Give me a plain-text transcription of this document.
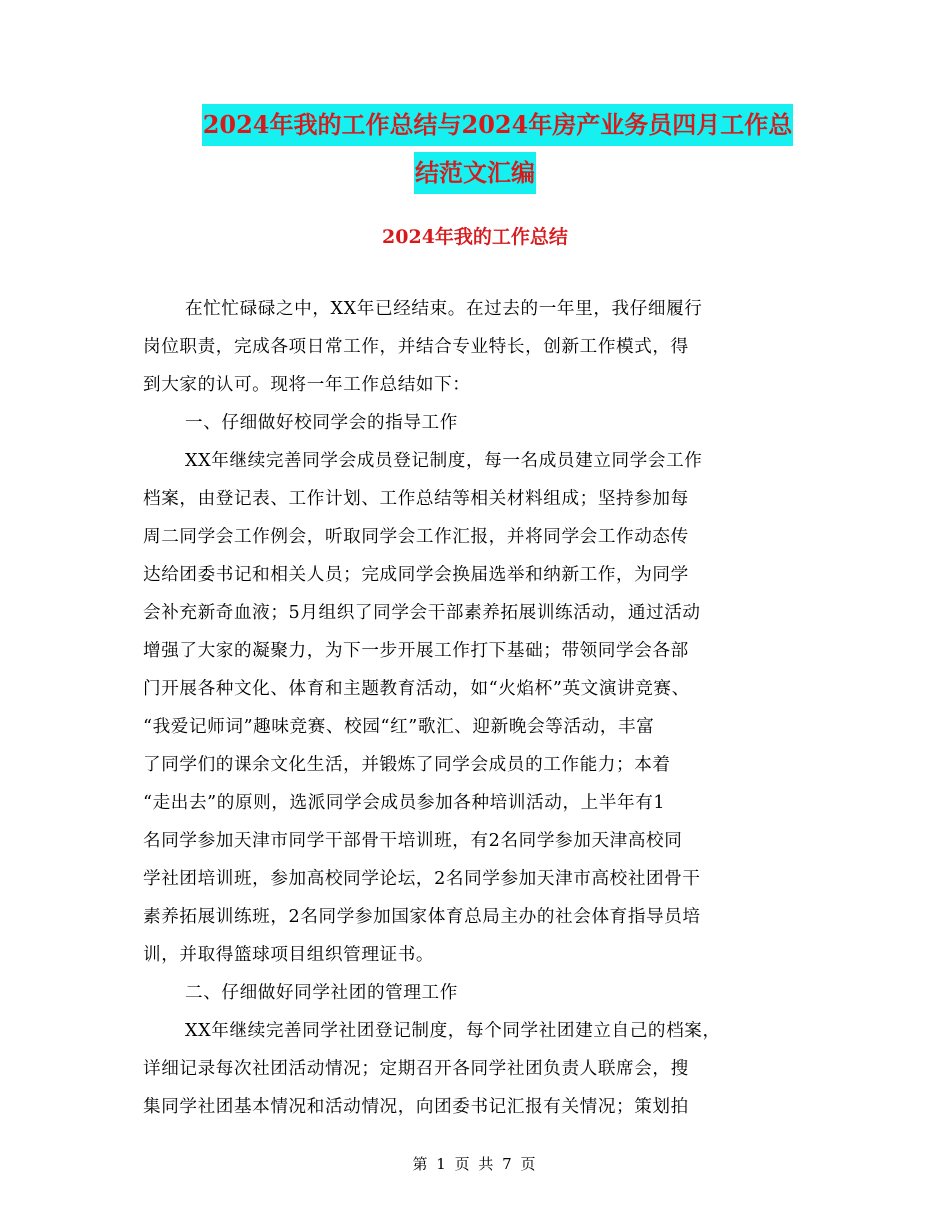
2024年我的工作总结与2024年房产业务员四月工作总
结范文汇编
2024年我的工作总结
在忙忙碌碌之中，XX年已经结束。在过去的一年里，我仔细履行
岗位职责，完成各项日常工作，并结合专业特长，创新工作模式，得
到大家的认可。现将一年工作总结如下：
一、仔细做好校同学会的指导工作
XX年继续完善同学会成员登记制度，每一名成员建立同学会工作
档案，由登记表、工作计划、工作总结等相关材料组成；坚持参加每
周二同学会工作例会，听取同学会工作汇报，并将同学会工作动态传
达给团委书记和相关人员；完成同学会换届选举和纳新工作，为同学
会补充新奇血液；5月组织了同学会干部素养拓展训练活动，通过活动
增强了大家的凝聚力，为下一步开展工作打下基础；带领同学会各部
门开展各种文化、体育和主题教育活动，如“火焰杯”英文演讲竞赛、
“我爱记师词”趣味竞赛、校园“红”歌汇、迎新晚会等活动，丰富
了同学们的课余文化生活，并锻炼了同学会成员的工作能力；本着
“走出去”的原则，选派同学会成员参加各种培训活动，上半年有1
名同学参加天津市同学干部骨干培训班，有2名同学参加天津高校同
学社团培训班，参加高校同学论坛，2名同学参加天津市高校社团骨干
素养拓展训练班，2名同学参加国家体育总局主办的社会体育指导员培
训，并取得篮球项目组织管理证书。
二、仔细做好同学社团的管理工作
XX年继续完善同学社团登记制度，每个同学社团建立自己的档案，
详细记录每次社团活动情况；定期召开各同学社团负责人联席会，搜
集同学社团基本情况和活动情况，向团委书记汇报有关情况；策划拍
第 1 页 共 7 页
